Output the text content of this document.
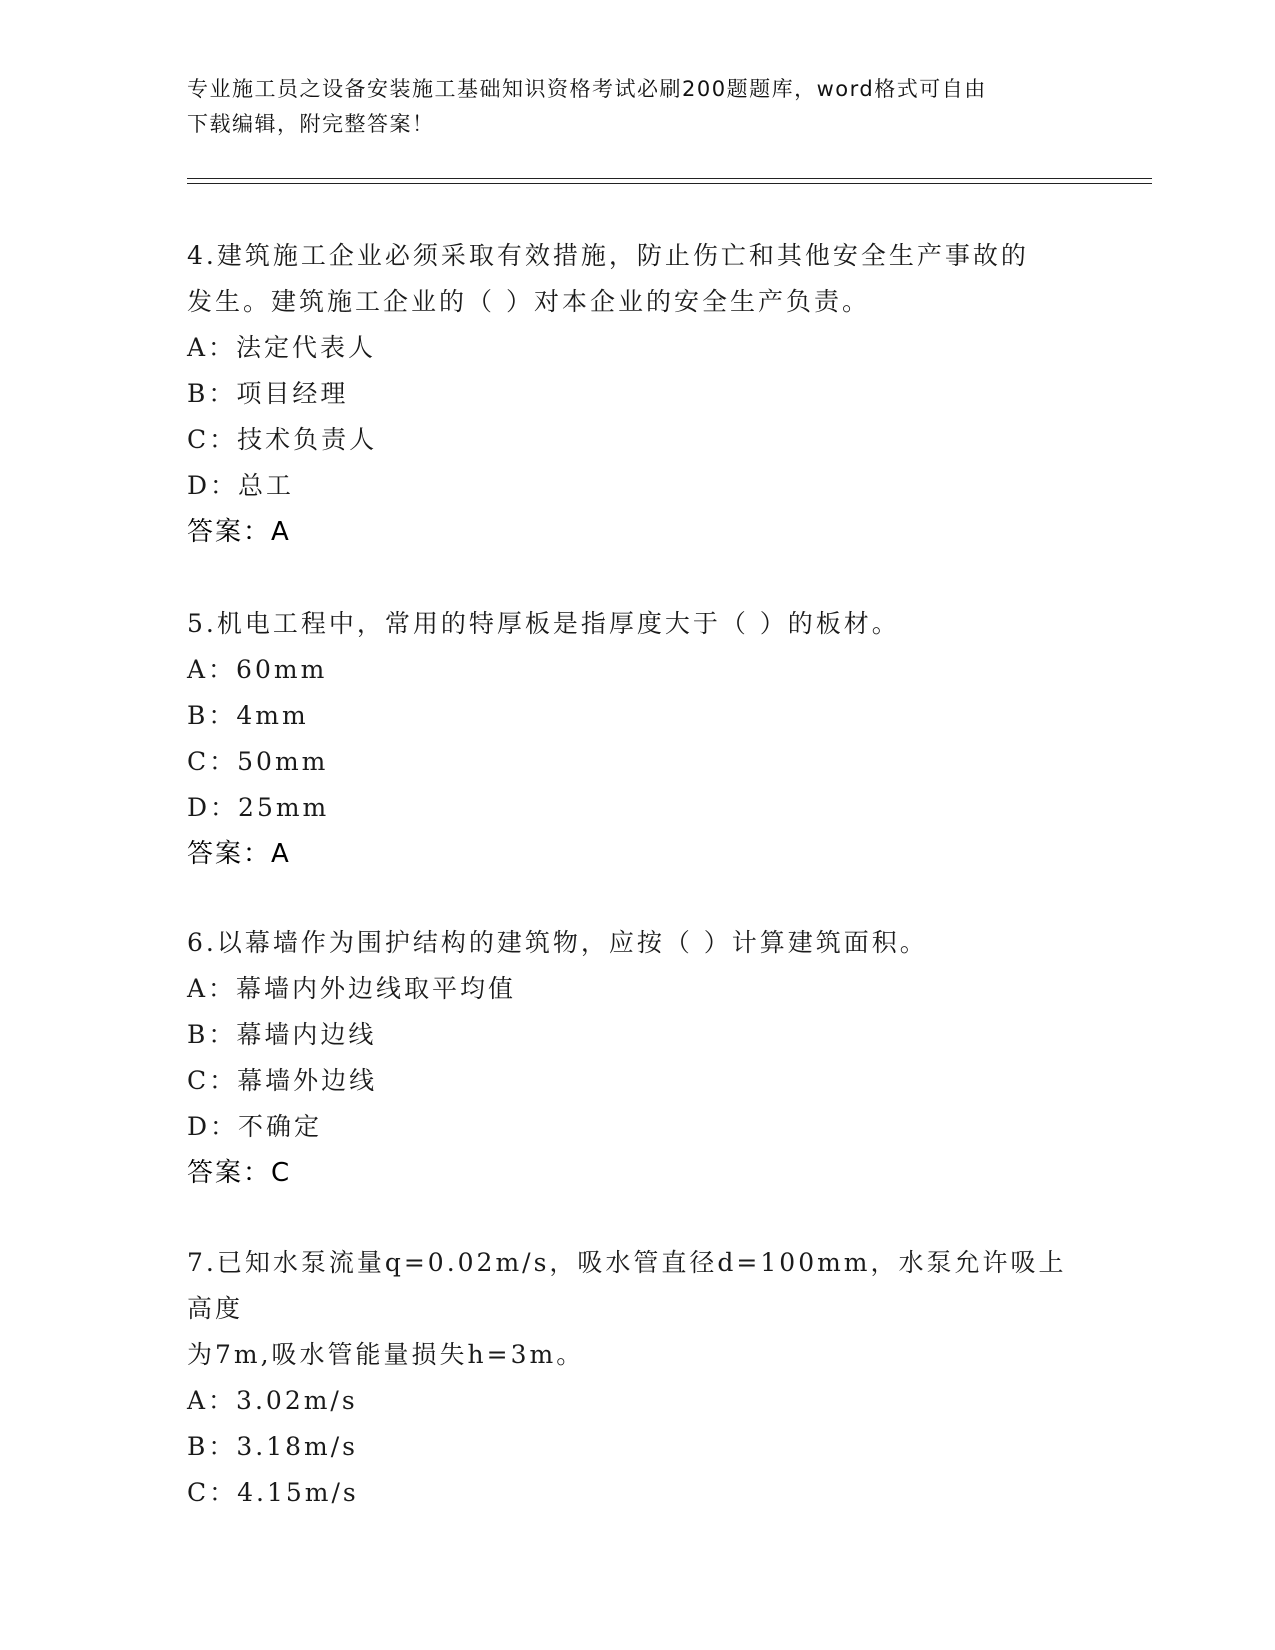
专业施工员之设备安装施工基础知识资格考试必刷200题题库，word格式可自由
下载编辑，附完整答案！

4.建筑施工企业必须采取有效措施，防止伤亡和其他安全生产事故的

发生。建筑施工企业的（ ）对本企业的安全生产负责。

A：法定代表人

B：项目经理

C：技术负责人

D：总工

答案：A

5.机电工程中，常用的特厚板是指厚度大于（ ）的板材。

A：60mm

B：4mm

C：50mm

D：25mm

答案：A

6.以幕墙作为围护结构的建筑物，应按（ ）计算建筑面积。

A：幕墙内外边线取平均值

B：幕墙内边线

C：幕墙外边线

D：不确定

答案：C

7.已知水泵流量q=0.02m/s，吸水管直径d=100mm，水泵允许吸上高度

为7m,吸水管能量损失h=3m。

A：3.02m/s

B：3.18m/s

C：4.15m/s
